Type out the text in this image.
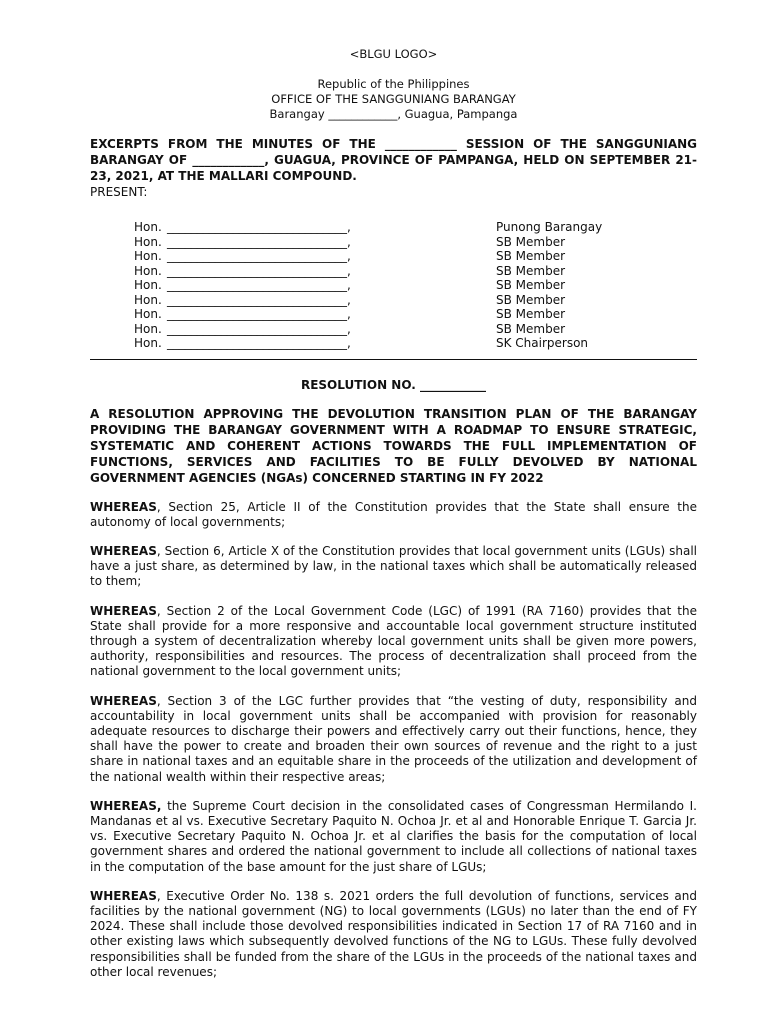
<BLGU LOGO>
Republic of the Philippines
OFFICE OF THE SANGGUNIANG BARANGAY
Barangay ____________, Guagua, Pampanga
EXCERPTS FROM THE MINUTES OF THE ____________ SESSION OF THE SANGGUNIANG BARANGAY OF ____________, GUAGUA, PROVINCE OF PAMPANGA, HELD ON SEPTEMBER 21-23, 2021, AT THE MALLARI COMPOUND.
PRESENT:
Hon. ______________________________,	Punong Barangay
Hon. ______________________________,	SB Member
Hon. ______________________________,	SB Member
Hon. ______________________________,	SB Member
Hon. ______________________________,	SB Member
Hon. ______________________________,	SB Member
Hon. ______________________________,	SB Member
Hon. ______________________________,	SB Member
Hon. ______________________________,	SK Chairperson
RESOLUTION NO. ___________
A RESOLUTION APPROVING THE DEVOLUTION TRANSITION PLAN OF THE BARANGAY PROVIDING THE BARANGAY GOVERNMENT WITH A ROADMAP TO ENSURE STRATEGIC, SYSTEMATIC AND COHERENT ACTIONS TOWARDS THE FULL IMPLEMENTATION OF FUNCTIONS, SERVICES AND FACILITIES TO BE FULLY DEVOLVED BY NATIONAL GOVERNMENT AGENCIES (NGAs) CONCERNED STARTING IN FY 2022

WHEREAS, Section 25, Article II of the Constitution provides that the State shall ensure the autonomy of local governments;

WHEREAS, Section 6, Article X of the Constitution provides that local government units (LGUs) shall have a just share, as determined by law, in the national taxes which shall be automatically released to them;

WHEREAS, Section 2 of the Local Government Code (LGC) of 1991 (RA 7160) provides that the State shall provide for a more responsive and accountable local government structure instituted through a system of decentralization whereby local government units shall be given more powers, authority, responsibilities and resources. The process of decentralization shall proceed from the national government to the local government units;

WHEREAS, Section 3 of the LGC further provides that “the vesting of duty, responsibility and accountability in local government units shall be accompanied with provision for reasonably adequate resources to discharge their powers and effectively carry out their functions, hence, they shall have the power to create and broaden their own sources of revenue and the right to a just share in national taxes and an equitable share in the proceeds of the utilization and development of the national wealth within their respective areas;

WHEREAS, the Supreme Court decision in the consolidated cases of Congressman Hermilando I. Mandanas et al vs. Executive Secretary Paquito N. Ochoa Jr. et al and Honorable Enrique T. Garcia Jr. vs. Executive Secretary Paquito N. Ochoa Jr. et al clarifies the basis for the computation of local government shares and ordered the national government to include all collections of national taxes in the computation of the base amount for the just share of LGUs;

WHEREAS, Executive Order No. 138 s. 2021 orders the full devolution of functions, services and facilities by the national government (NG) to local governments (LGUs) no later than the end of FY 2024. These shall include those devolved responsibilities indicated in Section 17 of RA 7160 and in other existing laws which subsequently devolved functions of the NG to LGUs. These fully devolved responsibilities shall be funded from the share of the LGUs in the proceeds of the national taxes and other local revenues;
